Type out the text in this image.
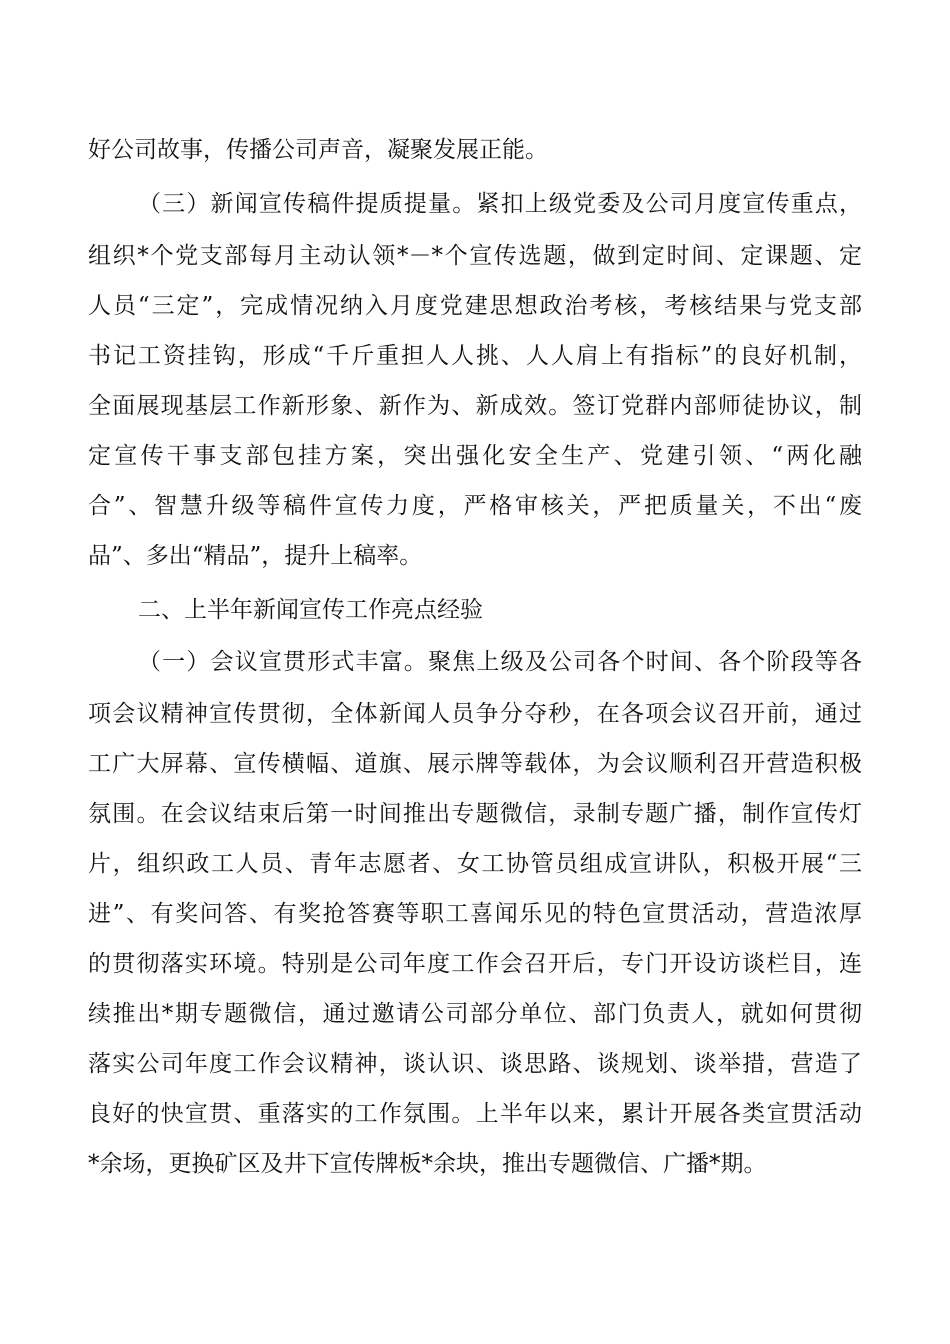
好公司故事，传播公司声音，凝聚发展正能。
（三）新闻宣传稿件提质提量。紧扣上级党委及公司月度宣传重点，
组织*个党支部每月主动认领*－*个宣传选题，做到定时间、定课题、定
人员“三定”，完成情况纳入月度党建思想政治考核，考核结果与党支部
书记工资挂钩，形成“千斤重担人人挑、人人肩上有指标”的良好机制，
全面展现基层工作新形象、新作为、新成效。签订党群内部师徒协议，制
定宣传干事支部包挂方案，突出强化安全生产、党建引领、“两化融
合”、智慧升级等稿件宣传力度，严格审核关，严把质量关，不出“废
品”、多出“精品”，提升上稿率。
二、上半年新闻宣传工作亮点经验
（一）会议宣贯形式丰富。聚焦上级及公司各个时间、各个阶段等各
项会议精神宣传贯彻，全体新闻人员争分夺秒，在各项会议召开前，通过
工广大屏幕、宣传横幅、道旗、展示牌等载体，为会议顺利召开营造积极
氛围。在会议结束后第一时间推出专题微信，录制专题广播，制作宣传灯
片，组织政工人员、青年志愿者、女工协管员组成宣讲队，积极开展“三
进”、有奖问答、有奖抢答赛等职工喜闻乐见的特色宣贯活动，营造浓厚
的贯彻落实环境。特别是公司年度工作会召开后，专门开设访谈栏目，连
续推出*期专题微信，通过邀请公司部分单位、部门负责人，就如何贯彻
落实公司年度工作会议精神，谈认识、谈思路、谈规划、谈举措，营造了
良好的快宣贯、重落实的工作氛围。上半年以来，累计开展各类宣贯活动
*余场，更换矿区及井下宣传牌板*余块，推出专题微信、广播*期。
